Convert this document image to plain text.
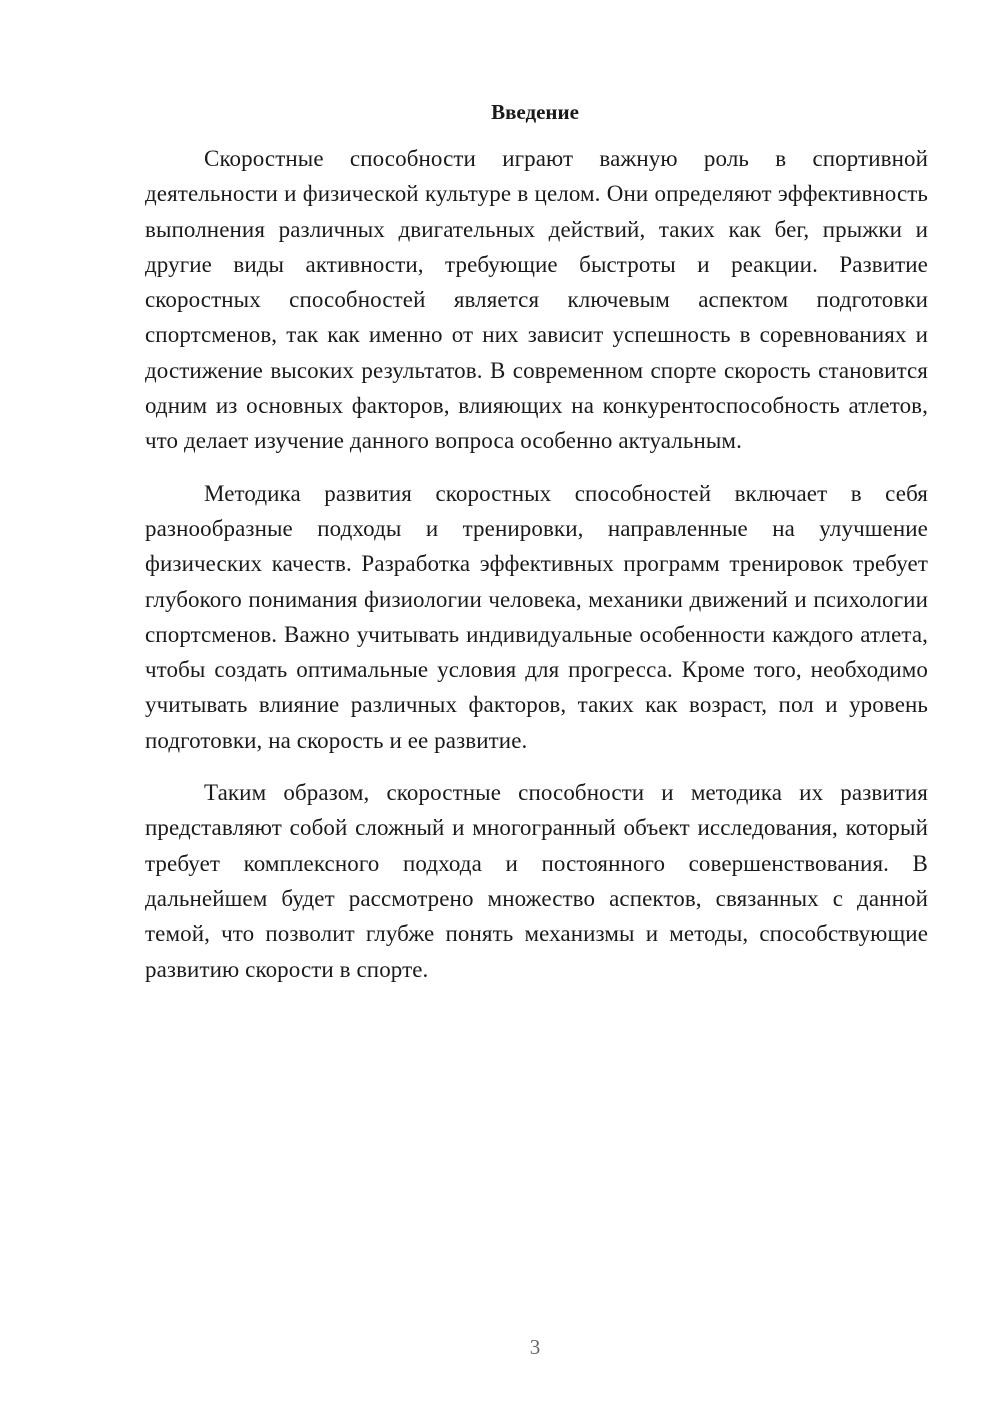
Введение

Скоростные способности играют важную роль в спортивной деятельности и физической культуре в целом. Они определяют эффективность выполнения различных двигательных действий, таких как бег, прыжки и другие виды активности, требующие быстроты и реакции. Развитие скоростных способностей является ключевым аспектом подготовки спортсменов, так как именно от них зависит успешность в соревнованиях и достижение высоких результатов. В современном спорте скорость становится одним из основных факторов, влияющих на конкурентоспособность атлетов, что делает изучение данного вопроса особенно актуальным.

Методика развития скоростных способностей включает в себя разнообразные подходы и тренировки, направленные на улучшение физических качеств. Разработка эффективных программ тренировок требует глубокого понимания физиологии человека, механики движений и психологии спортсменов. Важно учитывать индивидуальные особенности каждого атлета, чтобы создать оптимальные условия для прогресса. Кроме того, необходимо учитывать влияние различных факторов, таких как возраст, пол и уровень подготовки, на скорость и ее развитие.

Таким образом, скоростные способности и методика их развития представляют собой сложный и многогранный объект исследования, который требует комплексного подхода и постоянного совершенствования. В дальнейшем будет рассмотрено множество аспектов, связанных с данной темой, что позволит глубже понять механизмы и методы, способствующие развитию скорости в спорте.

3
